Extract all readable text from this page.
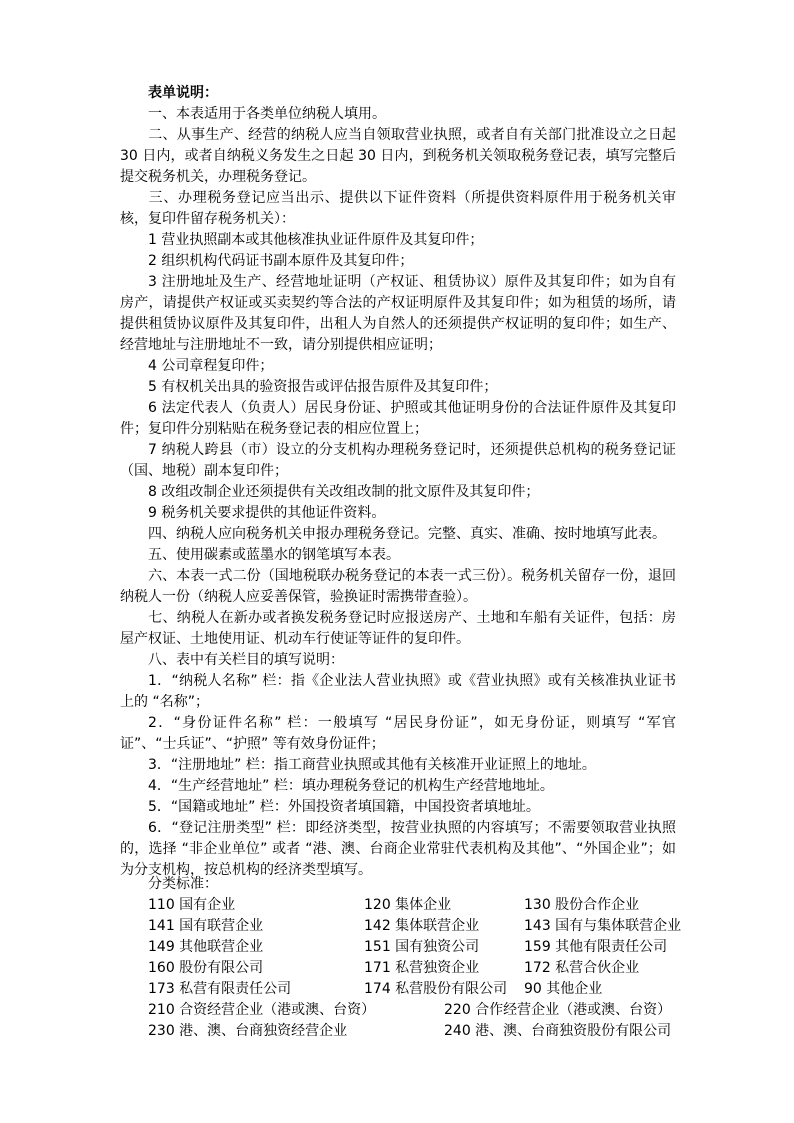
表单说明：

一、本表适用于各类单位纳税人填用。

二、从事生产、经营的纳税人应当自领取营业执照，或者自有关部门批准设立之日起 30 日内，或者自纳税义务发生之日起 30 日内，到税务机关领取税务登记表，填写完整后提交税务机关，办理税务登记。

三、办理税务登记应当出示、提供以下证件资料（所提供资料原件用于税务机关审核，复印件留存税务机关）：

1 营业执照副本或其他核准执业证件原件及其复印件；

2 组织机构代码证书副本原件及其复印件；

3 注册地址及生产、经营地址证明（产权证、租赁协议）原件及其复印件；如为自有房产，请提供产权证或买卖契约等合法的产权证明原件及其复印件；如为租赁的场所，请提供租赁协议原件及其复印件，出租人为自然人的还须提供产权证明的复印件；如生产、经营地址与注册地址不一致，请分别提供相应证明；

4 公司章程复印件；

5 有权机关出具的验资报告或评估报告原件及其复印件；

6 法定代表人（负责人）居民身份证、护照或其他证明身份的合法证件原件及其复印件；复印件分别粘贴在税务登记表的相应位置上；

7 纳税人跨县（市）设立的分支机构办理税务登记时，还须提供总机构的税务登记证（国、地税）副本复印件；

8 改组改制企业还须提供有关改组改制的批文原件及其复印件；

9 税务机关要求提供的其他证件资料。

四、纳税人应向税务机关申报办理税务登记。完整、真实、准确、按时地填写此表。

五、使用碳素或蓝墨水的钢笔填写本表。

六、本表一式二份（国地税联办税务登记的本表一式三份）。税务机关留存一份，退回纳税人一份（纳税人应妥善保管，验换证时需携带查验）。

七、纳税人在新办或者换发税务登记时应报送房产、土地和车船有关证件，包括：房屋产权证、土地使用证、机动车行使证等证件的复印件。

八、表中有关栏目的填写说明：

1．“纳税人名称” 栏：指《企业法人营业执照》或《营业执照》或有关核准执业证书上的 “名称”；

2．“身份证件名称” 栏：一般填写 “居民身份证”，如无身份证，则填写 “军官证”、“士兵证”、“护照” 等有效身份证件；

3．“注册地址” 栏：指工商营业执照或其他有关核准开业证照上的地址。

4．“生产经营地址” 栏：填办理税务登记的机构生产经营地地址。

5．“国籍或地址” 栏：外国投资者填国籍，中国投资者填地址。

6．“登记注册类型” 栏：即经济类型，按营业执照的内容填写；不需要领取营业执照的，选择 “非企业单位” 或者 “港、澳、台商企业常驻代表机构及其他”、“外国企业”；如为分支机构，按总机构的经济类型填写。

分类标准：

110 国有企业	120 集体企业	130 股份合作企业
141 国有联营企业	142 集体联营企业	143 国有与集体联营企业
149 其他联营企业	151 国有独资公司	159 其他有限责任公司
160 股份有限公司	171 私营独资企业	172 私营合伙企业
173 私营有限责任公司	174 私营股份有限公司 90 其他企业
210 合资经营企业（港或澳、台资）	220 合作经营企业（港或澳、台资）
230 港、澳、台商独资经营企业	240 港、澳、台商独资股份有限公司
